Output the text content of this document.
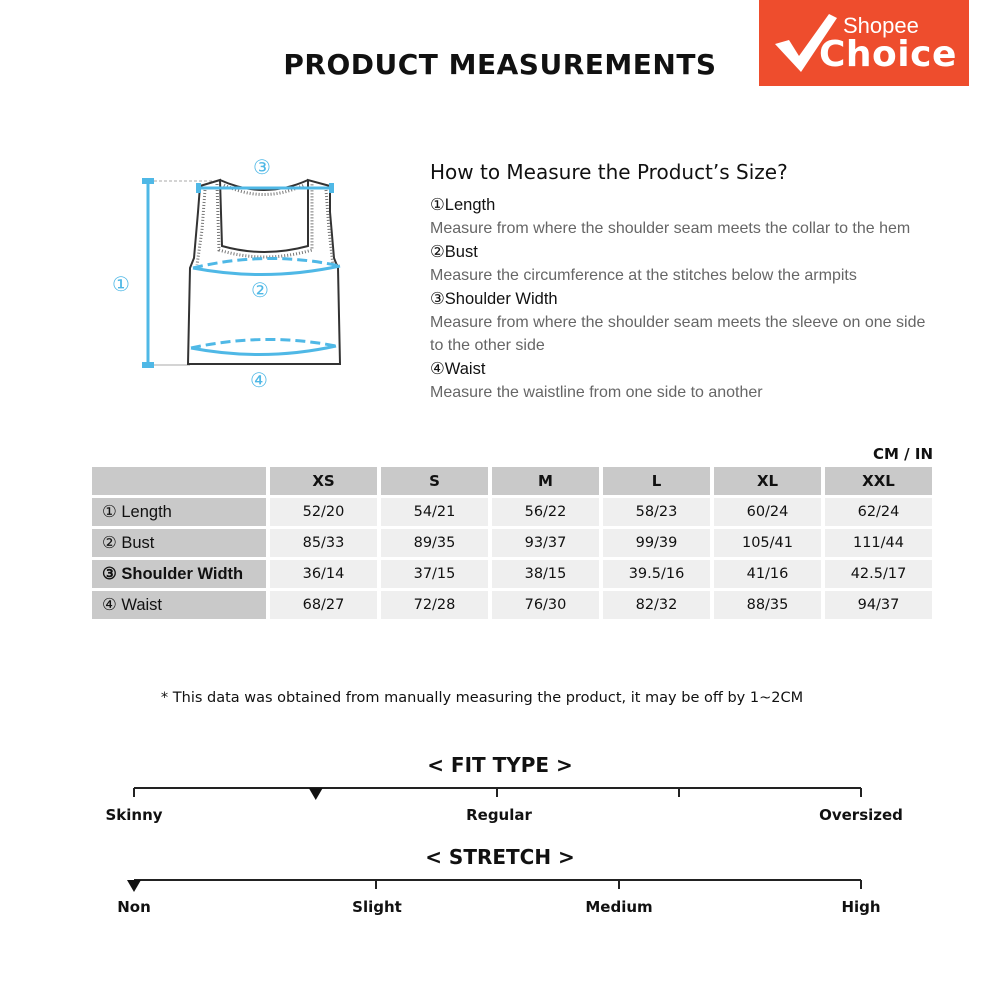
PRODUCT MEASUREMENTS
Shopee
Choice
①	②
③
④
How to Measure the Product’s Size?
①Length
Measure from where the shoulder seam meets the collar to the hem
②Bust
Measure the circumference at the stitches below the armpits
③Shoulder Width
Measure from where the shoulder seam meets the sleeve on one side to the other side
④Waist
Measure the waistline from one side to another
CM / IN
	XS	S	M	L	XL	XXL
① Length	52/20	54/21	56/22	58/23	60/24	62/24
② Bust	85/33	89/35	93/37	99/39	105/41	111/44
③ Shoulder Width	36/14	37/15	38/15	39.5/16	41/16	42.5/17
④ Waist	68/27	72/28	76/30	82/32	88/35	94/37
* This data was obtained from manually measuring the product, it may be off by 1~2CM
< FIT TYPE >
Skinny	Regular	Oversized
< STRETCH >
Non	Slight	Medium	High
